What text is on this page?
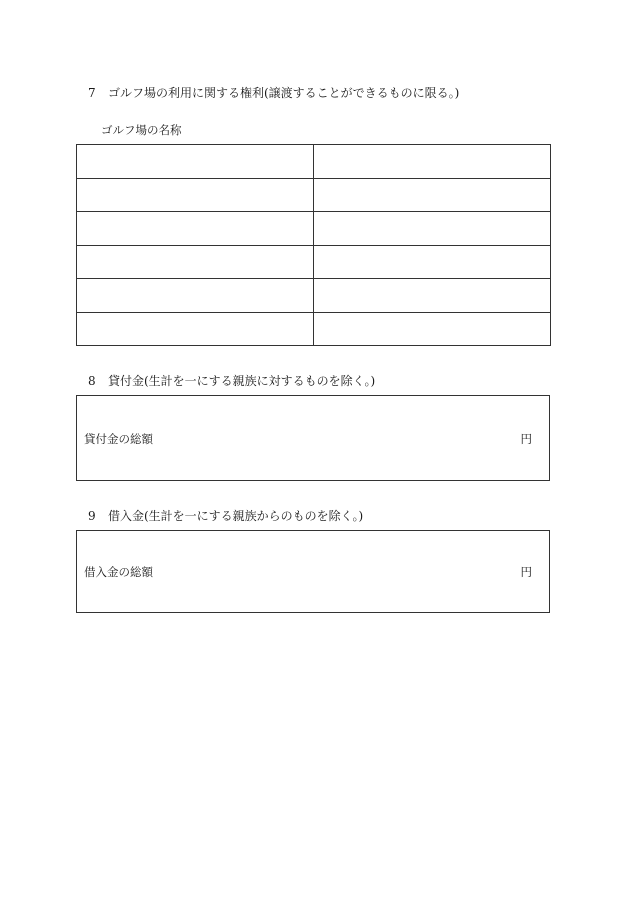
7 ゴルフ場の利用に関する権利(譲渡することができるものに限る。)
ゴルフ場の名称

8 貸付金(生計を一にする親族に対するものを除く。)
貸付金の総額	円
9 借入金(生計を一にする親族からのものを除く。)
借入金の総額	円
